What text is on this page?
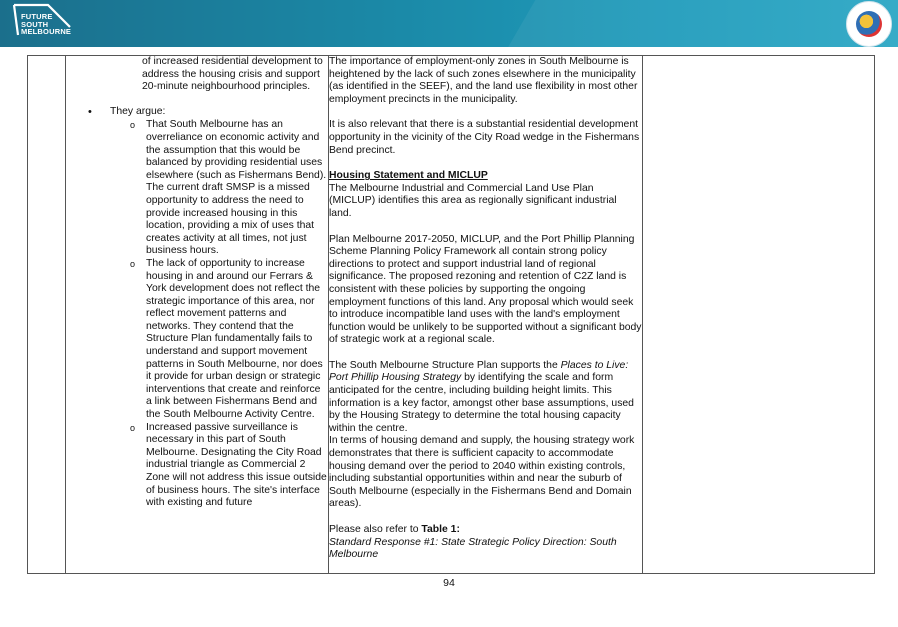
FUTURE
SOUTH
MELBOURNE

of increased residential development to address the housing crisis and support 20-minute neighbourhood principles.
•
They argue:
o	That South Melbourne has an overreliance on economic activity and the assumption that this would be balanced by providing residential uses elsewhere (such as Fishermans Bend). The current draft SMSP is a missed opportunity to address the need to provide increased housing in this location, providing a mix of uses that creates activity at all times, not just business hours.
o	The lack of opportunity to increase housing in and around our Ferrars & York development does not reflect the strategic importance of this area, nor reflect movement patterns and networks. They contend that the Structure Plan fundamentally fails to understand and support movement patterns in South Melbourne, nor does it provide for urban design or strategic interventions that create and reinforce a link between Fishermans Bend and the South Melbourne Activity Centre.
o	Increased passive surveillance is necessary in this part of South Melbourne. Designating the City Road industrial triangle as Commercial 2 Zone will not address this issue outside of business hours. The site's interface with existing and future

The importance of employment-only zones in South Melbourne is heightened by the lack of such zones elsewhere in the municipality (as identified in the SEEF), and the land use flexibility in most other employment precincts in the municipality.

It is also relevant that there is a substantial residential development opportunity in the vicinity of the City Road wedge in the Fishermans Bend precinct.

Housing Statement and MICLUP

The Melbourne Industrial and Commercial Land Use Plan (MICLUP) identifies this area as regionally significant industrial land.

Plan Melbourne 2017-2050, MICLUP, and the Port Phillip Planning Scheme Planning Policy Framework all contain strong policy directions to protect and support industrial land of regional significance. The proposed rezoning and retention of C2Z land is consistent with these policies by supporting the ongoing employment functions of this land. Any proposal which would seek to introduce incompatible land uses with the land's employment function would be unlikely to be supported without a significant body of strategic work at a regional scale.

The South Melbourne Structure Plan supports the Places to Live: Port Phillip Housing Strategy by identifying the scale and form anticipated for the centre, including building height limits. This information is a key factor, amongst other base assumptions, used by the Housing Strategy to determine the total housing capacity within the centre.

In terms of housing demand and supply, the housing strategy work demonstrates that there is sufficient capacity to accommodate housing demand over the period to 2040 within existing controls, including substantial opportunities within and near the suburb of South Melbourne (especially in the Fishermans Bend and Domain areas).

Please also refer to Table 1:

Standard Response #1: State Strategic Policy Direction: South Melbourne

94
